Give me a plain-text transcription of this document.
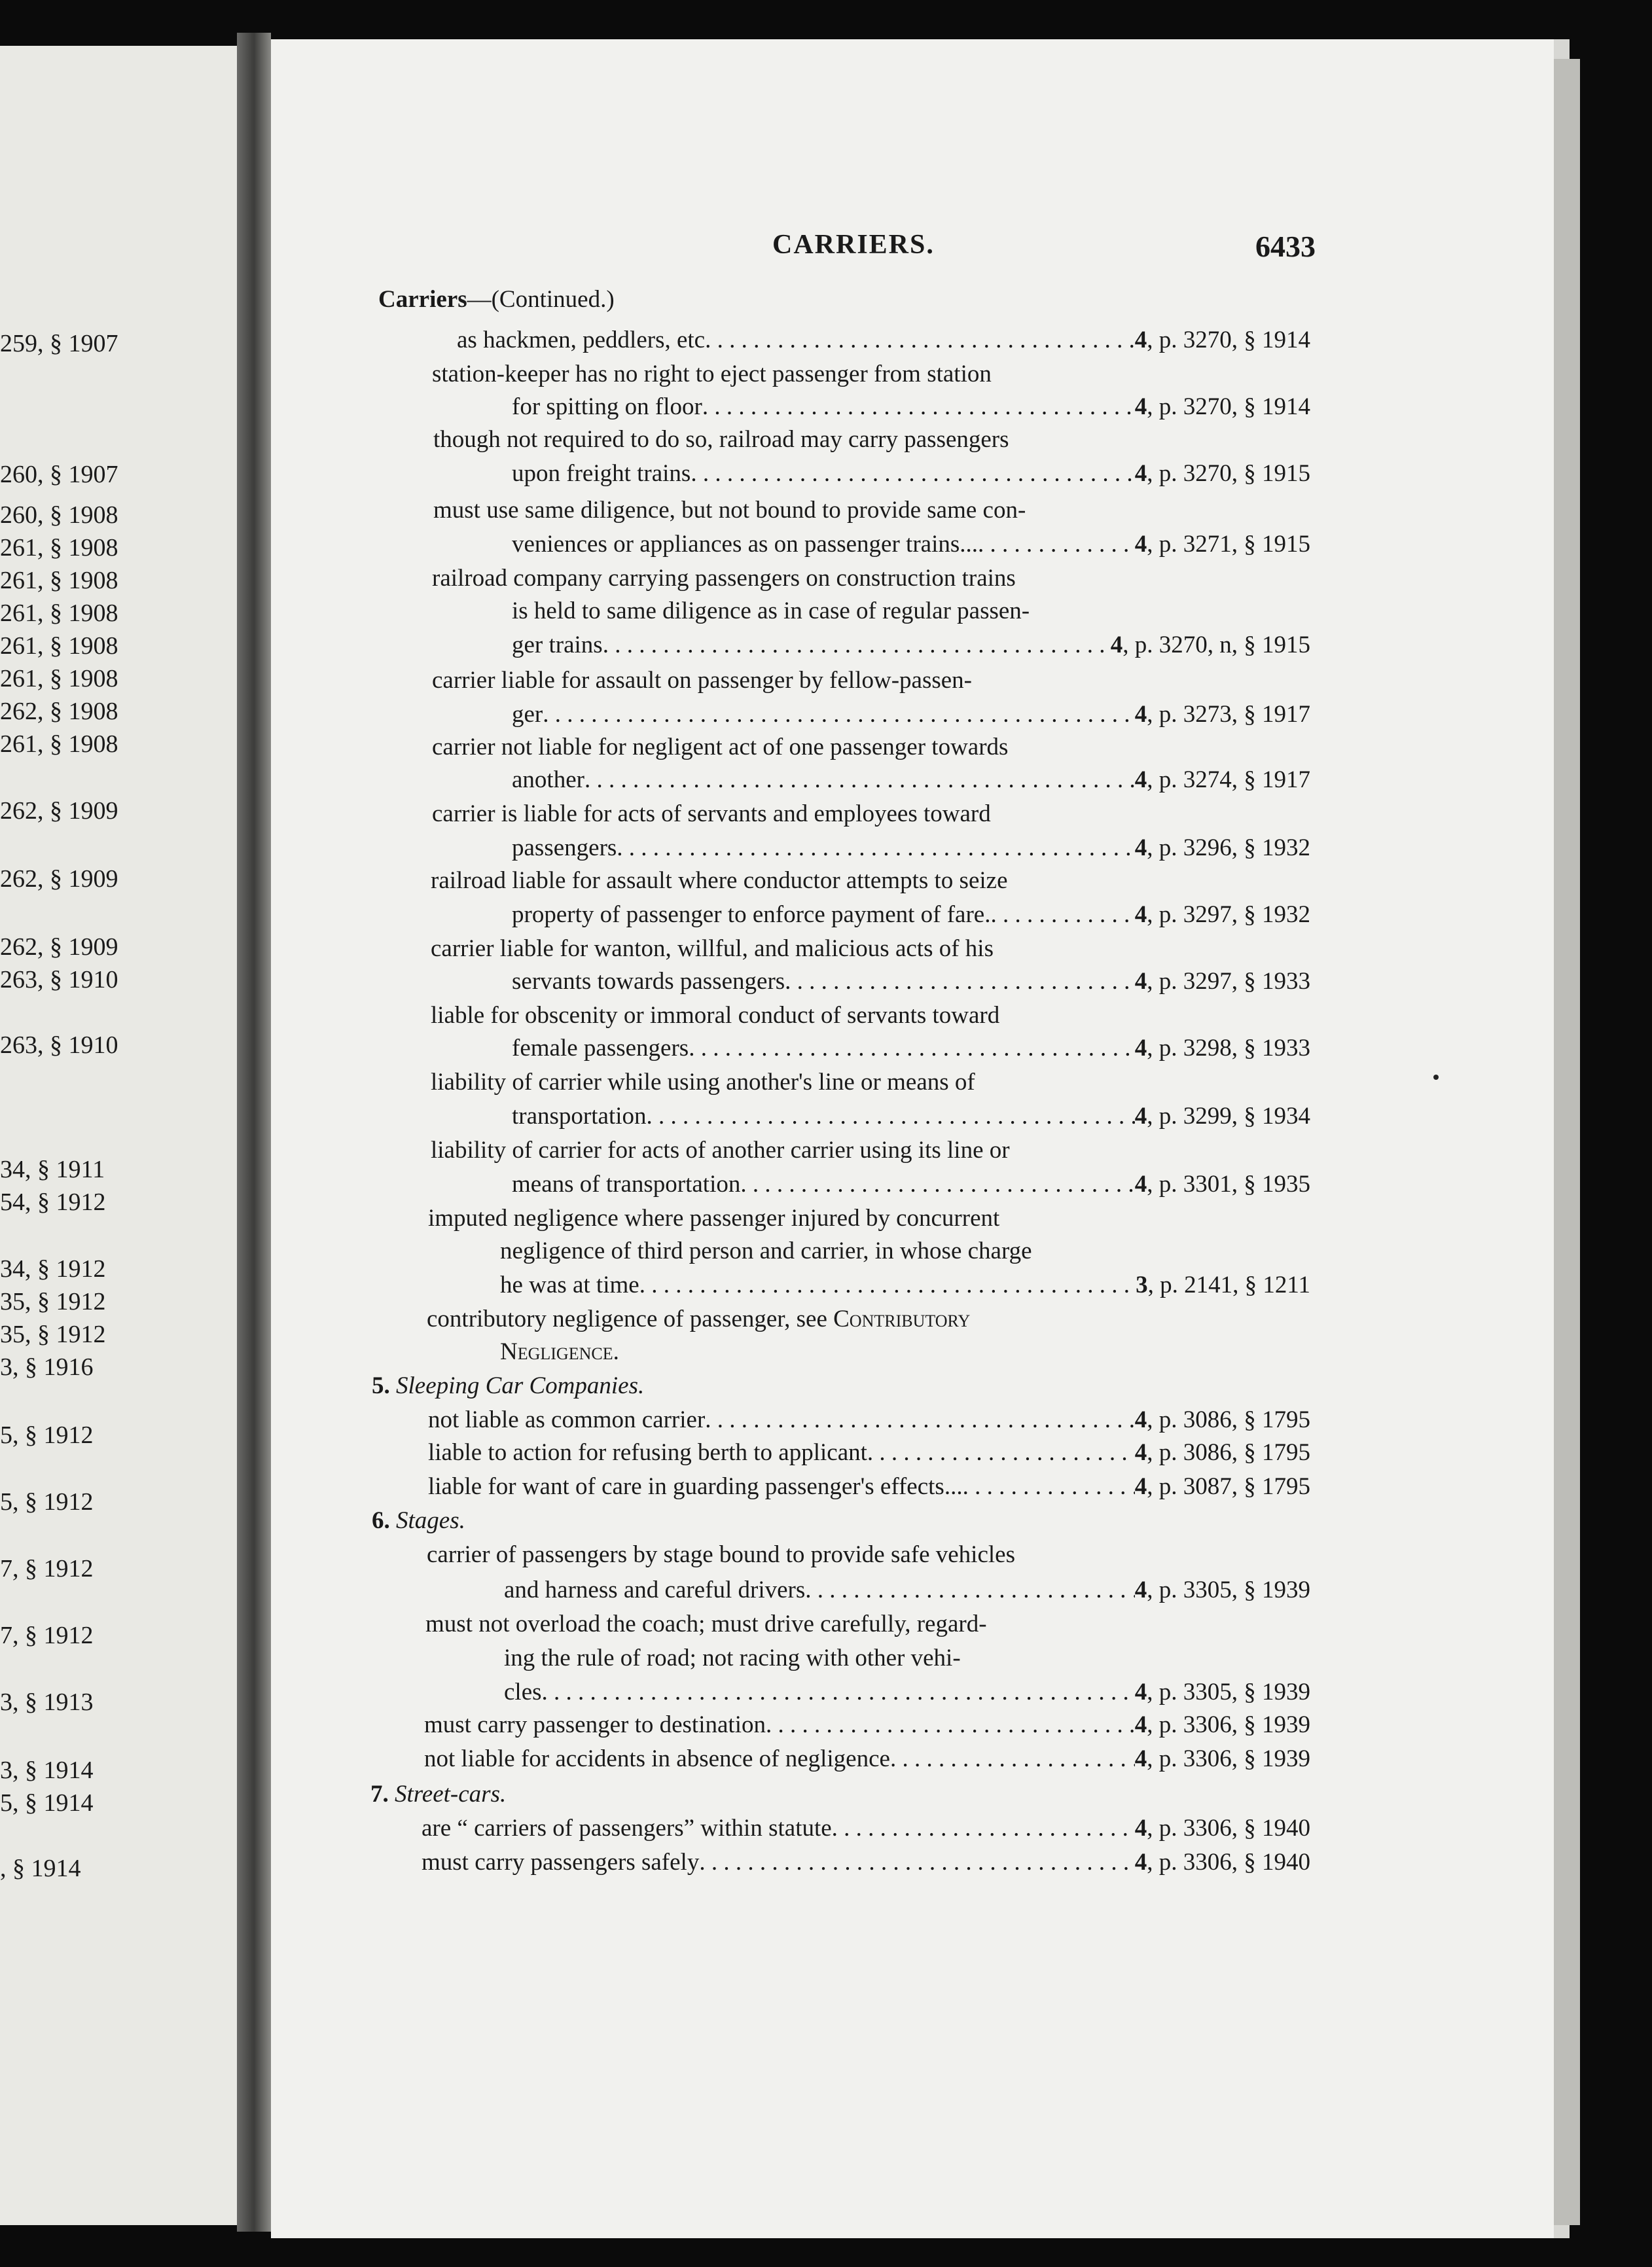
259, § 1907
260, § 1907
260, § 1908
261, § 1908
261, § 1908
261, § 1908
261, § 1908
261, § 1908
262, § 1908
261, § 1908
262, § 1909
262, § 1909
262, § 1909
263, § 1910
263, § 1910
34, § 1911
54, § 1912
34, § 1912
35, § 1912
35, § 1912
3, § 1916
5, § 1912
5, § 1912
7, § 1912
7, § 1912
3, § 1913
3, § 1914
5, § 1914
, § 1914
CARRIERS.	6433
Carriers—(Continued.)
as hackmen, peddlers, etc . . .	4 , p. 3270, § 1914
station-keeper has no right to eject passenger from station
for spitting on floor . . .	4 , p. 3270, § 1914
though not required to do so, railroad may carry passengers
upon freight trains . . .	4 , p. 3270, § 1915
must use same diligence, but not bound to provide same con-
veniences or appliances as on passenger trains... . . .	4 , p. 3271, § 1915
railroad company carrying passengers on construction trains
is held to same diligence as in case of regular passen-
ger trains . . .	4 , p. 3270, n, § 1915
carrier liable for assault on passenger by fellow-passen-
ger . . .	4 , p. 3273, § 1917
carrier not liable for negligent act of one passenger towards
another . . .	4 , p. 3274, § 1917
carrier is liable for acts of servants and employees toward
passengers . . .	4 , p. 3296, § 1932
railroad liable for assault where conductor attempts to seize
property of passenger to enforce payment of fare. . . .	4 , p. 3297, § 1932
carrier liable for wanton, willful, and malicious acts of his
servants towards passengers . . .	4 , p. 3297, § 1933
liable for obscenity or immoral conduct of servants toward
female passengers . . .	4 , p. 3298, § 1933
liability of carrier while using another's line or means of
transportation . . .	4 , p. 3299, § 1934
liability of carrier for acts of another carrier using its line or
means of transportation . . .	4 , p. 3301, § 1935
imputed negligence where passenger injured by concurrent
negligence of third person and carrier, in whose charge
he was at time . . .	3 , p. 2141, § 1211
contributory negligence of passenger, see Contributory
Negligence.
5. Sleeping Car Companies.
not liable as common carrier . . .	4 , p. 3086, § 1795
liable to action for refusing berth to applicant . . .	4 , p. 3086, § 1795
liable for want of care in guarding passenger's effects... . . .	4 , p. 3087, § 1795
6. Stages.
carrier of passengers by stage bound to provide safe vehicles
and harness and careful drivers . . .	4 , p. 3305, § 1939
must not overload the coach; must drive carefully, regard-
ing the rule of road; not racing with other vehi-
cles . . .	4 , p. 3305, § 1939
must carry passenger to destination . . .	4 , p. 3306, § 1939
not liable for accidents in absence of negligence . . .	4 , p. 3306, § 1939
7. Street-cars.
are “ carriers of passengers” within statute . . .	4 , p. 3306, § 1940
must carry passengers safely . . .	4 , p. 3306, § 1940
